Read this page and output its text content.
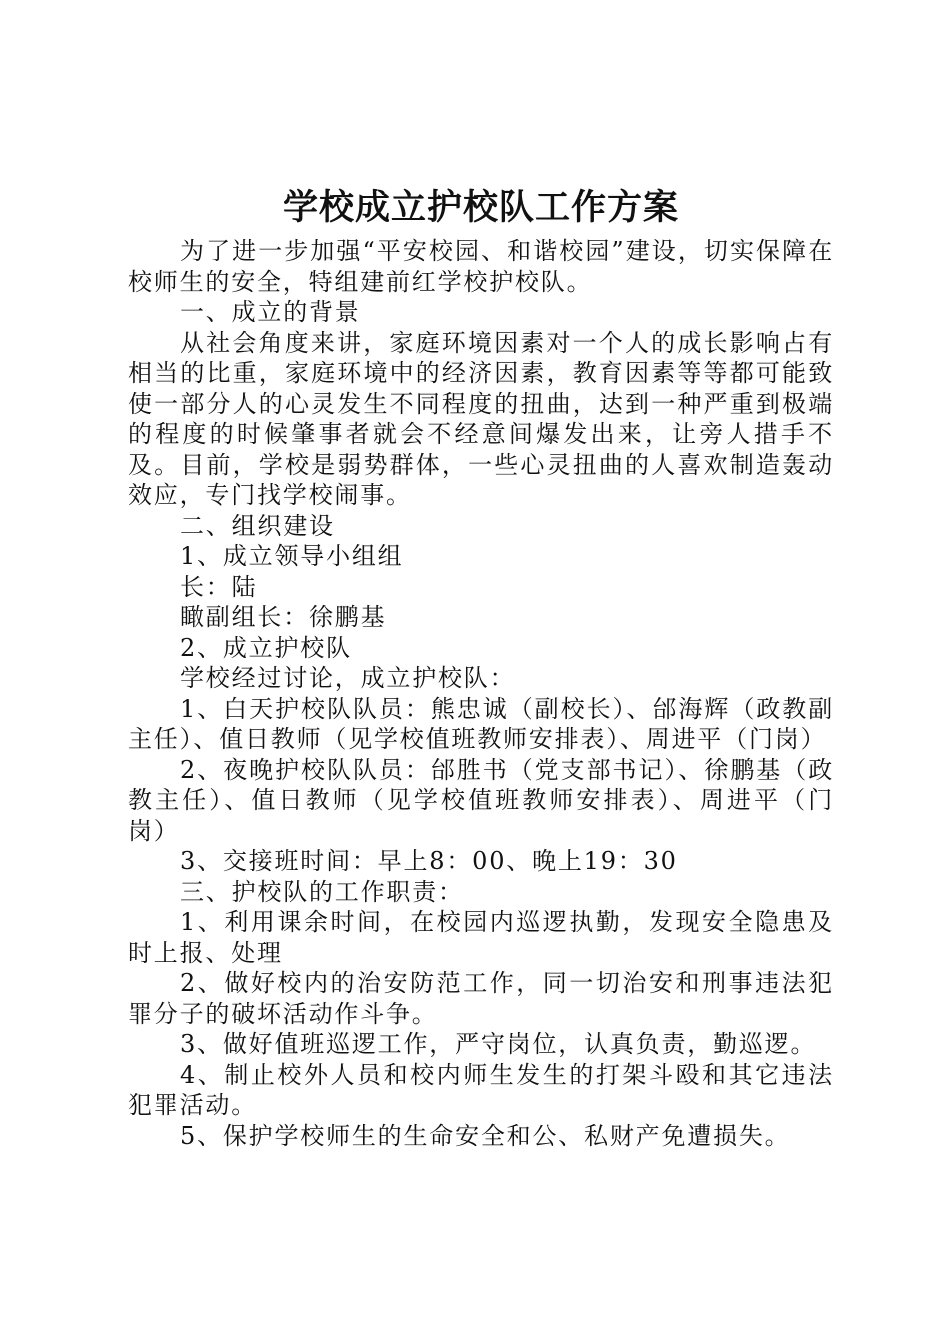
学校成立护校队工作方案

为了进一步加强“平安校园、和谐校园”建设，切实保障在校师生的安全，特组建前红学校护校队。

一、成立的背景

从社会角度来讲，家庭环境因素对一个人的成长影响占有相当的比重，家庭环境中的经济因素，教育因素等等都可能致使一部分人的心灵发生不同程度的扭曲，达到一种严重到极端的程度的时候肇事者就会不经意间爆发出来，让旁人措手不及。目前，学校是弱势群体，一些心灵扭曲的人喜欢制造轰动效应，专门找学校闹事。

二、组织建设

1、成立领导小组组

长：陆

瞰副组长：徐鹏基

2、成立护校队

学校经过讨论，成立护校队：

1、白天护校队队员：熊忠诚（副校长）、邰海辉（政教副主任）、值日教师（见学校值班教师安排表）、周进平（门岗）

2、夜晚护校队队员：邰胜书（党支部书记）、徐鹏基（政教主任）、值日教师（见学校值班教师安排表）、周进平（门岗）

3、交接班时间：早上8：00、晚上19：30

三、护校队的工作职责：

1、利用课余时间，在校园内巡逻执勤，发现安全隐患及时上报、处理

2、做好校内的治安防范工作，同一切治安和刑事违法犯罪分子的破坏活动作斗争。

3、做好值班巡逻工作，严守岗位，认真负责，勤巡逻。

4、制止校外人员和校内师生发生的打架斗殴和其它违法犯罪活动。

5、保护学校师生的生命安全和公、私财产免遭损失。
